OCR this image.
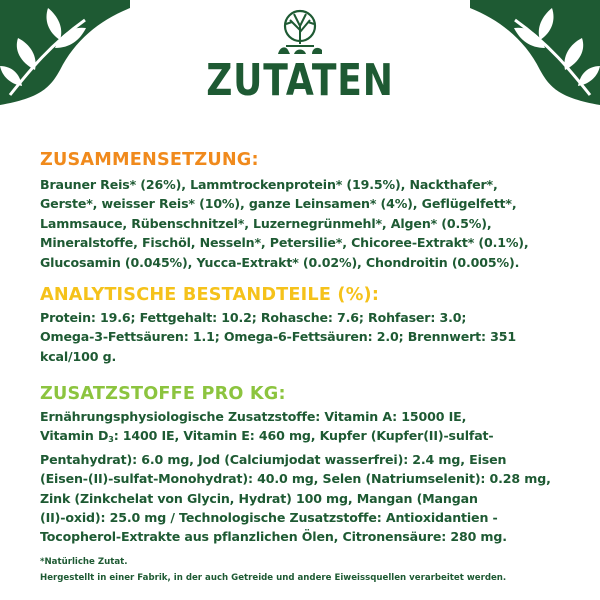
ZUTATEN
ZUSAMMENSETZUNG:
Brauner Reis* (26%), Lammtrockenprotein* (19.5%), Nackthafer*,
Gerste*, weisser Reis* (10%), ganze Leinsamen* (4%), Geflügelfett*,
Lammsauce, Rübenschnitzel*, Luzernegrünmehl*, Algen* (0.5%),
Mineralstoffe, Fischöl, Nesseln*, Petersilie*, Chicoree-Extrakt* (0.1%),
Glucosamin (0.045%), Yucca-Extrakt* (0.02%), Chondroitin (0.005%).
ANALYTISCHE BESTANDTEILE (%):
Protein: 19.6; Fettgehalt: 10.2; Rohasche: 7.6; Rohfaser: 3.0;
Omega-3-Fettsäuren: 1.1; Omega-6-Fettsäuren: 2.0; Brennwert: 351
kcal/100 g.
ZUSATZSTOFFE PRO KG:
Ernährungsphysiologische Zusatzstoffe: Vitamin A: 15000 IE,
Vitamin $D_3$: 1400 IE, Vitamin E: 460 mg, Kupfer (Kupfer(II)-sulfat-
Pentahydrat): 6.0 mg, Jod (Calciumjodat wasserfrei): 2.4 mg, Eisen
(Eisen-(II)-sulfat-Monohydrat): 40.0 mg, Selen (Natriumselenit): 0.28 mg,
Zink (Zinkchelat von Glycin, Hydrat) 100 mg, Mangan (Mangan
(II)-oxid): 25.0 mg / Technologische Zusatzstoffe: Antioxidantien -
Tocopherol-Extrakte aus pflanzlichen Ölen, Citronensäure: 280 mg.
*Natürliche Zutat.
Hergestellt in einer Fabrik, in der auch Getreide und andere Eiweissquellen verarbeitet werden.
